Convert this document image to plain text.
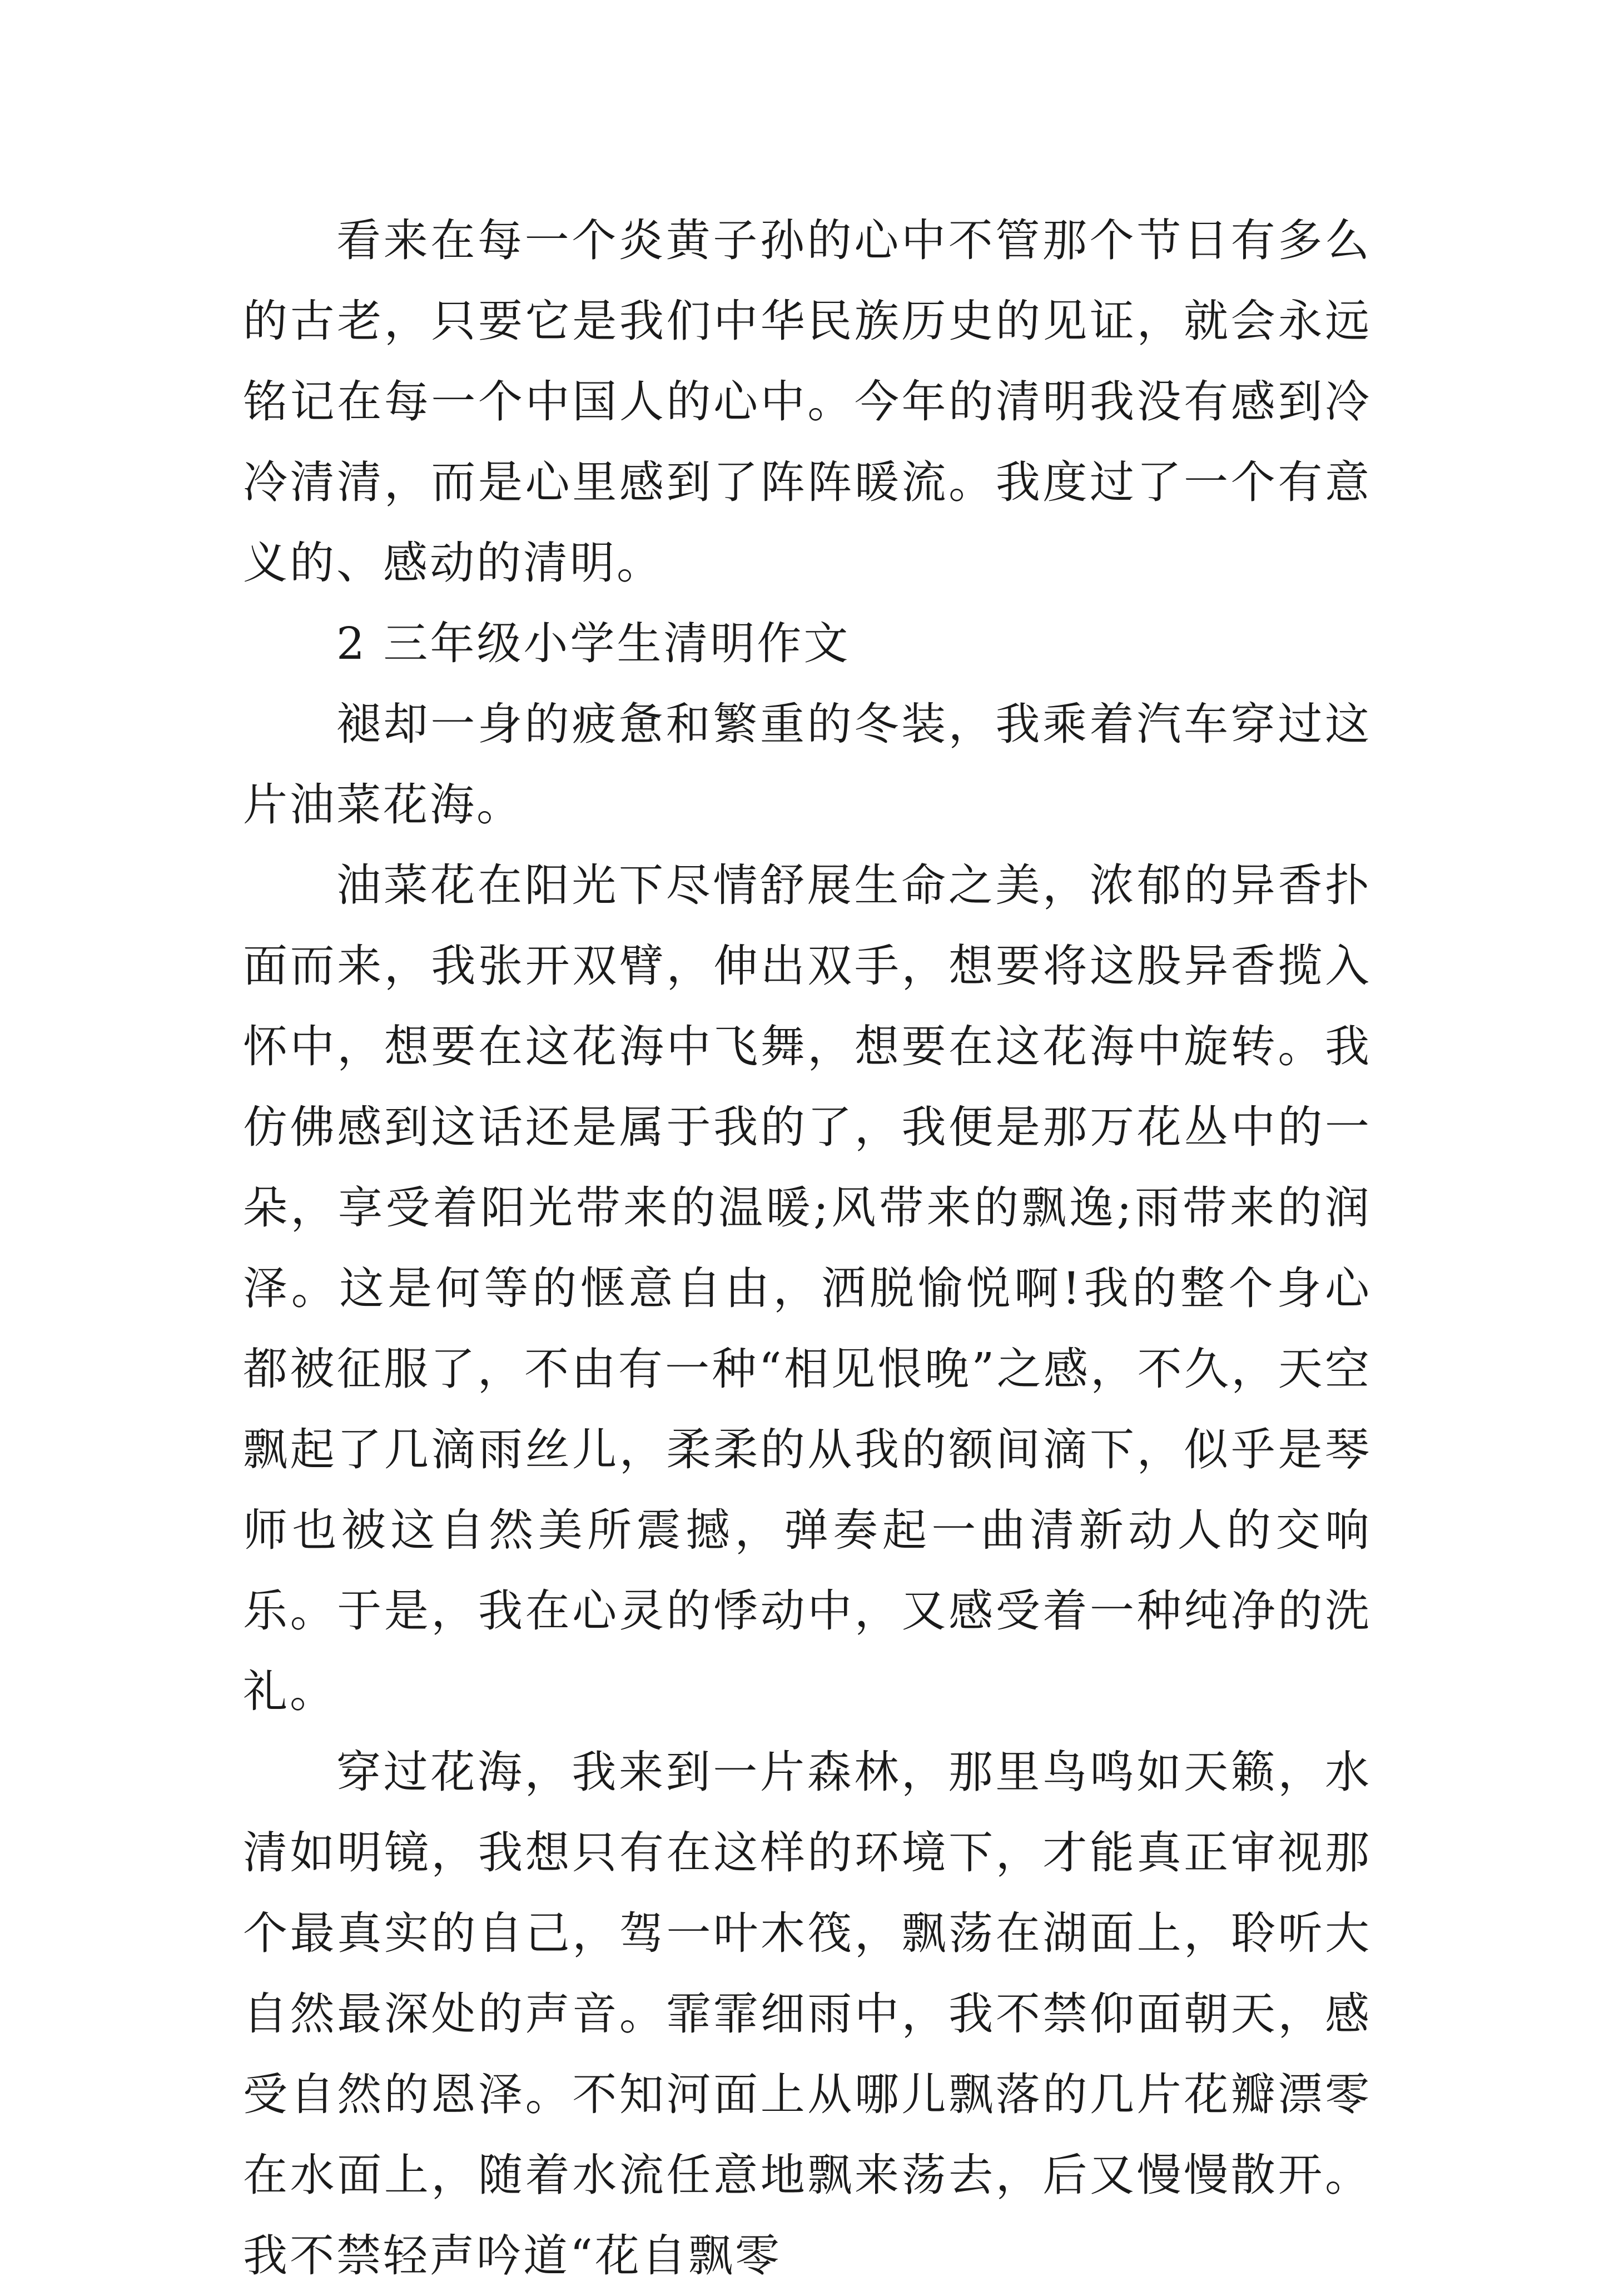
看来在每一个炎黄子孙的心中不管那个节日有多么的古老，只要它是我们中华民族历史的见证，就会永远铭记在每一个中国人的心中。今年的清明我没有感到冷冷清清，而是心里感到了阵阵暖流。我度过了一个有意义的、感动的清明。

2 三年级小学生清明作文

褪却一身的疲惫和繁重的冬装，我乘着汽车穿过这片油菜花海。

油菜花在阳光下尽情舒展生命之美，浓郁的异香扑面而来，我张开双臂，伸出双手，想要将这股异香揽入怀中，想要在这花海中飞舞，想要在这花海中旋转。我仿佛感到这话还是属于我的了，我便是那万花丛中的一朵，享受着阳光带来的温暖;风带来的飘逸;雨带来的润泽。这是何等的惬意自由，洒脱愉悦啊!我的整个身心都被征服了，不由有一种“相见恨晚”之感，不久，天空飘起了几滴雨丝儿，柔柔的从我的额间滴下，似乎是琴师也被这自然美所震撼，弹奏起一曲清新动人的交响乐。于是，我在心灵的悸动中，又感受着一种纯净的洗礼。

穿过花海，我来到一片森林，那里鸟鸣如天籁，水清如明镜，我想只有在这样的环境下，才能真正审视那个最真实的自己，驾一叶木筏，飘荡在湖面上，聆听大自然最深处的声音。霏霏细雨中，我不禁仰面朝天，感受自然的恩泽。不知河面上从哪儿飘落的几片花瓣漂零在水面上，随着水流任意地飘来荡去，后又慢慢散开。我不禁轻声吟道“花自飘零
